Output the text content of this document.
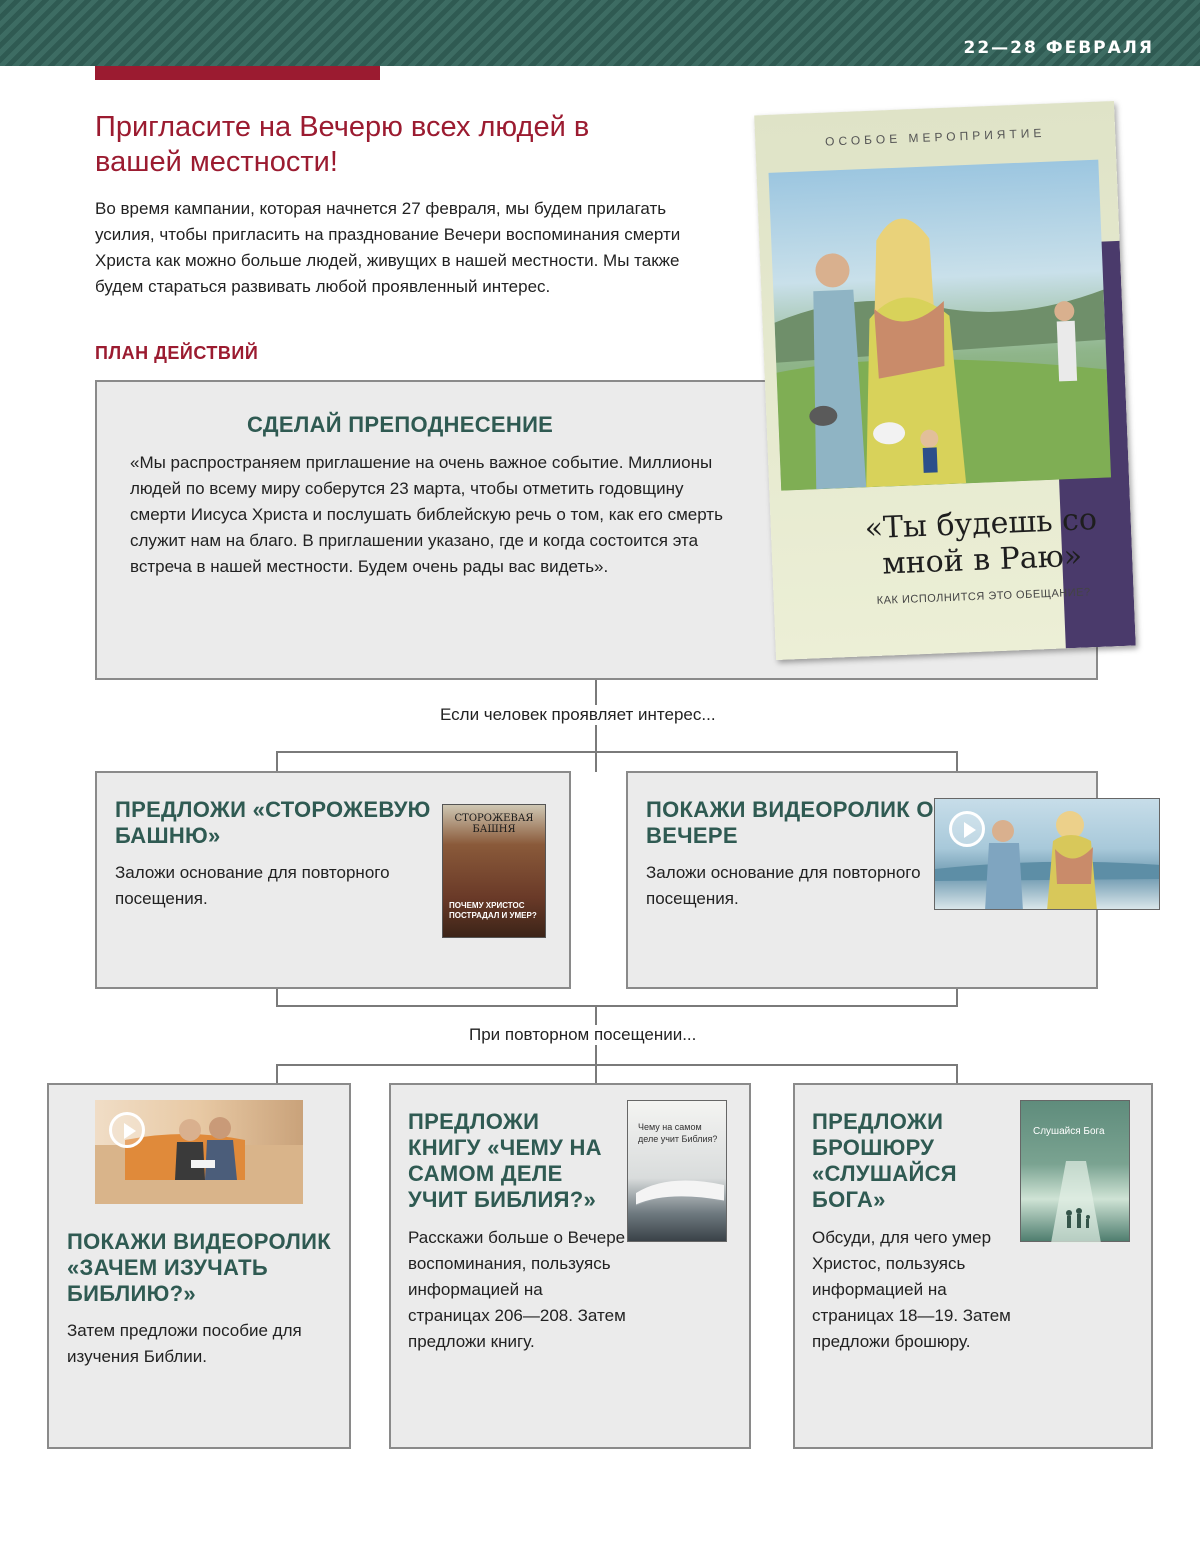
22—28 ФЕВРАЛЯ
Пригласите на Вечерю всех людей в вашей местности!

Во время кампании, которая начнется 27 февраля, мы будем прилагать усилия, чтобы пригласить на празднование Вечери воспоминания смерти Христа как можно больше людей, живущих в нашей местности. Мы также будем стараться развивать любой проявленный интерес.

ПЛАН ДЕЙСТВИЙ
СДЕЛАЙ ПРЕПОДНЕСЕНИЕ
«Мы распространяем приглашение на очень важное событие. Миллионы людей по всему миру соберутся 23 марта, чтобы отметить годовщину смерти Иисуса Христа и послушать библейскую речь о том, как его смерть служит нам на благо. В приглашении указано, где и когда состоится эта встреча в нашей местности. Будем очень рады вас видеть».
ОСОБОЕ МЕРОПРИЯТИЕ
«Ты будешь со мной в Раю»
КАК ИСПОЛНИТСЯ ЭТО ОБЕЩАНИЕ?
Если человек проявляет интерес...
ПРЕДЛОЖИ «СТОРОЖЕВУЮ БАШНЮ»
Заложи основание для повторного посещения.
СТОРОЖЕВАЯ БАШНЯ
ПОЧЕМУ ХРИСТОС ПОСТРАДАЛ И УМЕР?
ПОКАЖИ ВИДЕОРОЛИК О ВЕЧЕРЕ
Заложи основание для повторного посещения.
При повторном посещении...
ПОКАЖИ ВИДЕОРОЛИК «ЗАЧЕМ ИЗУЧАТЬ БИБЛИЮ?»
Затем предложи пособие для изучения Библии.
ПРЕДЛОЖИ КНИГУ «ЧЕМУ НА САМОМ ДЕЛЕ УЧИТ БИБЛИЯ?»
Расскажи больше о Вечере воспоминания, пользуясь информацией на страницах 206—208. Затем предложи книгу.
Чему на самом деле учит Библия?
ПРЕДЛОЖИ БРОШЮРУ «СЛУШАЙСЯ БОГА»
Обсуди, для чего умер Христос, пользуясь информацией на страницах 18—19. Затем предложи брошюру.
Слушайся Бога
